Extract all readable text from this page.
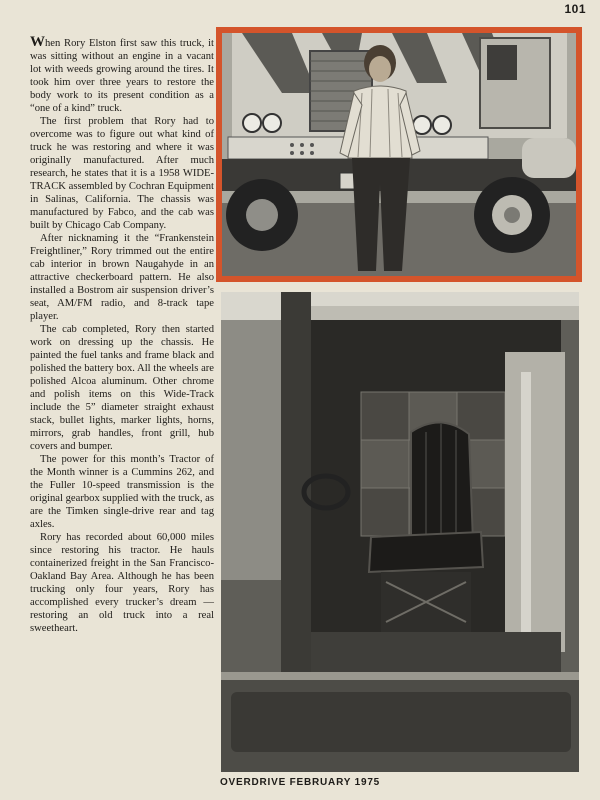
101

When Rory Elston first saw this truck, it was sitting without an engine in a vacant lot with weeds growing around the tires. It took him over three years to restore the body work to its present condition as a “one of a kind” truck.

The first problem that Rory had to overcome was to figure out what kind of truck he was restoring and where it was originally manufactured. After much research, he states that it is a 1958 WIDE-TRACK assembled by Cochran Equipment in Salinas, California. The chassis was manufactured by Fabco, and the cab was built by Chicago Cab Company.

After nicknaming it the “Frankenstein Freightliner,” Rory trimmed out the entire cab interior in brown Naugahyde in an attractive checkerboard pattern. He also installed a Bostrom air suspension driver’s seat, AM/FM radio, and 8-track tape player.

The cab completed, Rory then started work on dressing up the chassis. He painted the fuel tanks and frame black and polished the battery box. All the wheels are polished Alcoa aluminum. Other chrome and polish items on this Wide-Track include the 5” diameter straight exhaust stack, bullet lights, marker lights, horns, mirrors, grab handles, front grill, hub covers and bumper.

The power for this month’s Tractor of the Month winner is a Cummins 262, and the Fuller 10-speed transmission is the original gearbox supplied with the truck, as are the Timken single-drive rear and tag axles.

Rory has recorded about 60,000 miles since restoring his tractor. He hauls containerized freight in the San Francisco-Oakland Bay Area. Although he has been trucking only four years, Rory has accomplished every trucker’s dream — restoring an old truck into a real sweetheart.

OVERDRIVE FEBRUARY 1975
